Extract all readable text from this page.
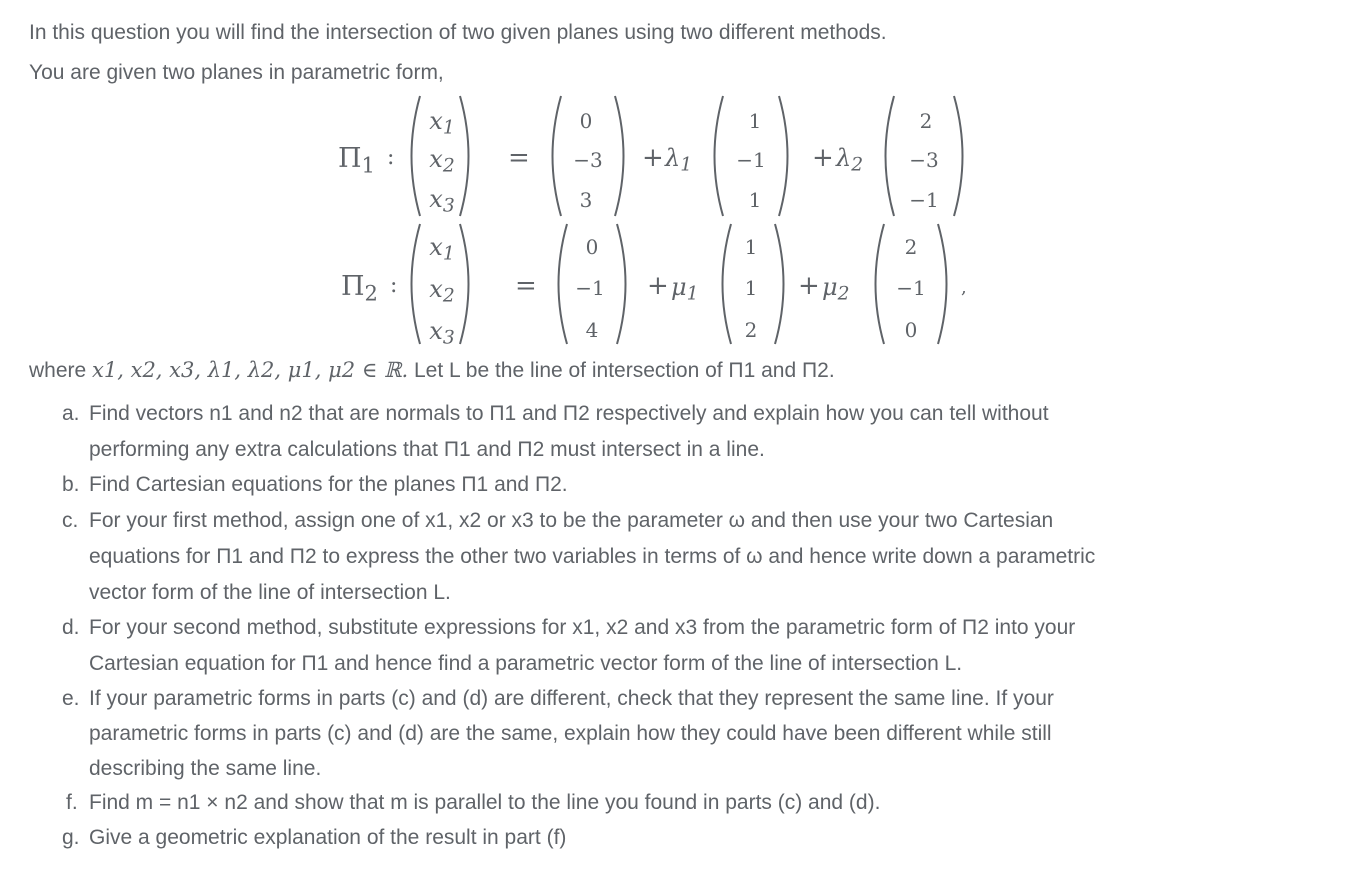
In this question you will find the intersection of two given planes using two different methods.
You are given two planes in parametric form,
$\Pi_1$ :
$x_1$
$x_2$
$x_3$
=
0
−3
3
+ $\lambda_1$
1
−1
1
+ $\lambda_2$
2
−3
−1
$\Pi_2$ :
$x_1$
$x_2$
$x_3$
=
0
−1
4
+ $\mu_1$
1
1
2
+ $\mu_2$
2
−1
0
,
where x1, x2, x3, λ1, λ2, μ1, μ2 ∈ ℝ. Let L be the line of intersection of Π1 and Π2.
a. Find vectors n1 and n2 that are normals to Π1 and Π2 respectively and explain how you can tell without
performing any extra calculations that Π1 and Π2 must intersect in a line.
b. Find Cartesian equations for the planes Π1 and Π2.
c. For your first method, assign one of x1, x2 or x3 to be the parameter ω and then use your two Cartesian
equations for Π1 and Π2 to express the other two variables in terms of ω and hence write down a parametric
vector form of the line of intersection L.
d. For your second method, substitute expressions for x1, x2 and x3 from the parametric form of Π2 into your
Cartesian equation for Π1 and hence find a parametric vector form of the line of intersection L.
e. If your parametric forms in parts (c) and (d) are different, check that they represent the same line. If your
parametric forms in parts (c) and (d) are the same, explain how they could have been different while still
describing the same line.
f. Find m = n1 × n2 and show that m is parallel to the line you found in parts (c) and (d).
g. Give a geometric explanation of the result in part (f)
